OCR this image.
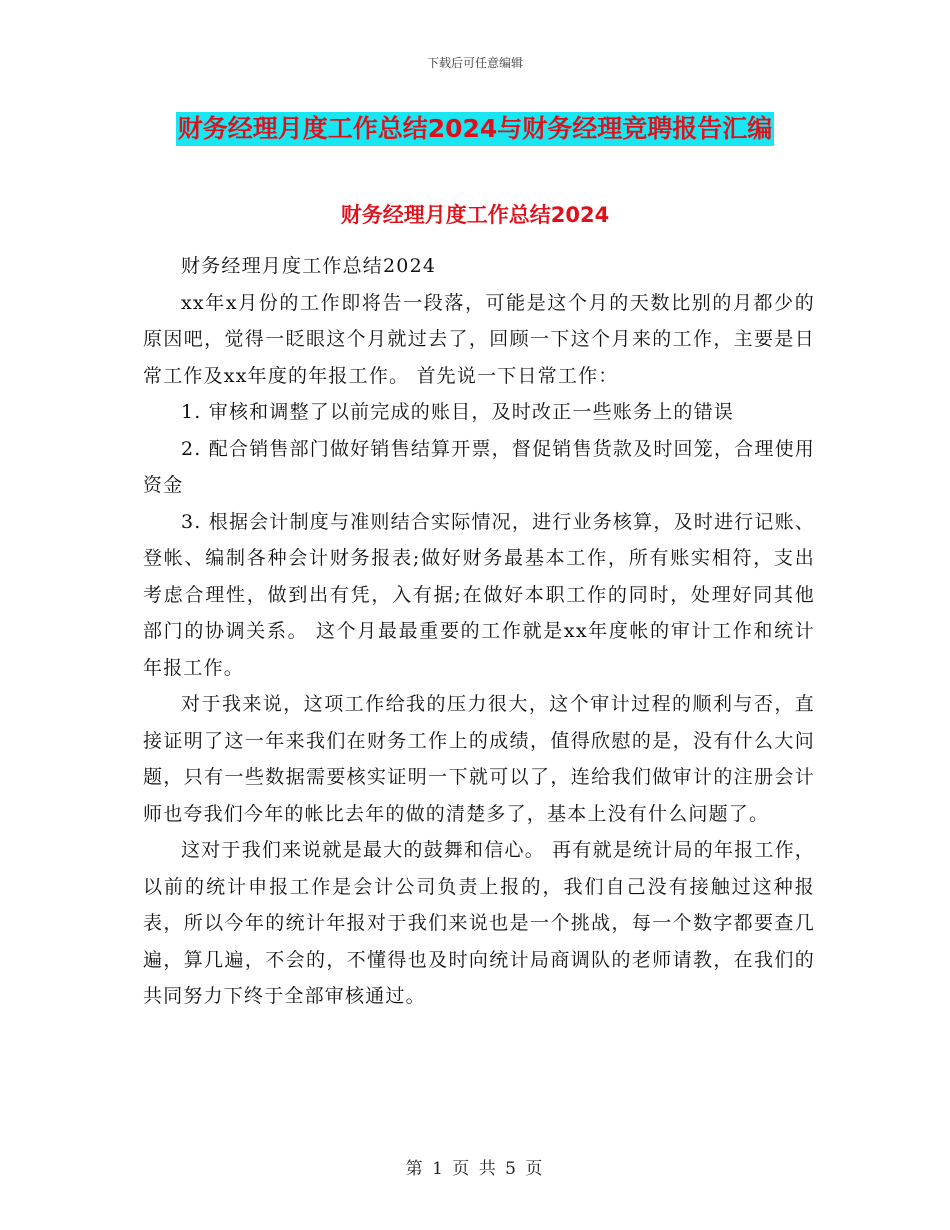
下载后可任意编辑
财务经理月度工作总结2024与财务经理竞聘报告汇编
财务经理月度工作总结2024

财务经理月度工作总结2024

xx年x月份的工作即将告一段落，可能是这个月的天数比别的月都少的原因吧，觉得一眨眼这个月就过去了，回顾一下这个月来的工作，主要是日常工作及xx年度的年报工作。 首先说一下日常工作：

1. 审核和调整了以前完成的账目，及时改正一些账务上的错误

2. 配合销售部门做好销售结算开票，督促销售货款及时回笼，合理使用资金

3. 根据会计制度与准则结合实际情况，进行业务核算，及时进行记账、登帐、编制各种会计财务报表;做好财务最基本工作，所有账实相符，支出考虑合理性，做到出有凭，入有据;在做好本职工作的同时，处理好同其他部门的协调关系。 这个月最最重要的工作就是xx年度帐的审计工作和统计年报工作。

对于我来说，这项工作给我的压力很大，这个审计过程的顺利与否，直接证明了这一年来我们在财务工作上的成绩，值得欣慰的是，没有什么大问题，只有一些数据需要核实证明一下就可以了，连给我们做审计的注册会计师也夸我们今年的帐比去年的做的清楚多了，基本上没有什么问题了。

这对于我们来说就是最大的鼓舞和信心。 再有就是统计局的年报工作，以前的统计申报工作是会计公司负责上报的，我们自己没有接触过这种报表，所以今年的统计年报对于我们来说也是一个挑战，每一个数字都要查几遍，算几遍，不会的，不懂得也及时向统计局商调队的老师请教，在我们的共同努力下终于全部审核通过。

第 1 页 共 5 页
